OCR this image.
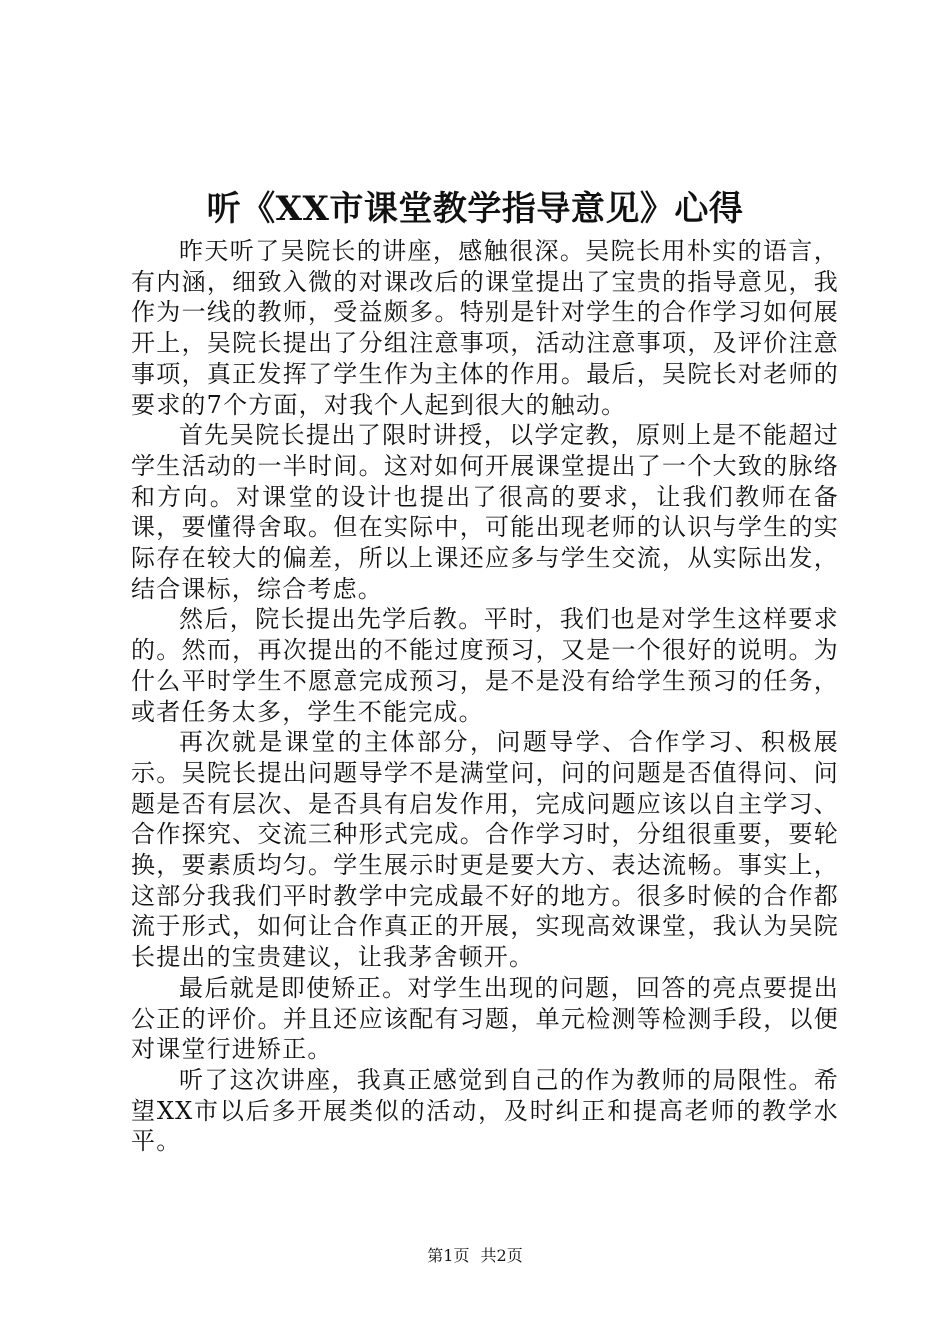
听《XX市课堂教学指导意见》心得

昨天听了吴院长的讲座，感触很深。吴院长用朴实的语言，有内涵，细致入微的对课改后的课堂提出了宝贵的指导意见，我作为一线的教师，受益颇多。特别是针对学生的合作学习如何展开上，吴院长提出了分组注意事项，活动注意事项，及评价注意事项，真正发挥了学生作为主体的作用。最后，吴院长对老师的要求的7个方面，对我个人起到很大的触动。

首先吴院长提出了限时讲授，以学定教，原则上是不能超过学生活动的一半时间。这对如何开展课堂提出了一个大致的脉络和方向。对课堂的设计也提出了很高的要求，让我们教师在备课，要懂得舍取。但在实际中，可能出现老师的认识与学生的实际存在较大的偏差，所以上课还应多与学生交流，从实际出发，结合课标，综合考虑。

然后，院长提出先学后教。平时，我们也是对学生这样要求的。然而，再次提出的不能过度预习，又是一个很好的说明。为什么平时学生不愿意完成预习，是不是没有给学生预习的任务，或者任务太多，学生不能完成。

再次就是课堂的主体部分，问题导学、合作学习、积极展示。吴院长提出问题导学不是满堂问，问的问题是否值得问、问题是否有层次、是否具有启发作用，完成问题应该以自主学习、合作探究、交流三种形式完成。合作学习时，分组很重要，要轮换，要素质均匀。学生展示时更是要大方、表达流畅。事实上，这部分我我们平时教学中完成最不好的地方。很多时候的合作都流于形式，如何让合作真正的开展，实现高效课堂，我认为吴院长提出的宝贵建议，让我茅舍顿开。

最后就是即使矫正。对学生出现的问题，回答的亮点要提出公正的评价。并且还应该配有习题，单元检测等检测手段，以便对课堂行进矫正。

听了这次讲座，我真正感觉到自己的作为教师的局限性。希望XX市以后多开展类似的活动，及时纠正和提高老师的教学水平。

第1页 共2页
